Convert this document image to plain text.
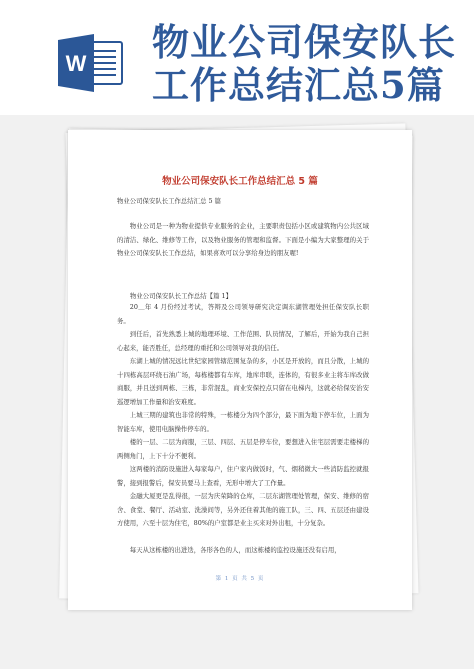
W 物业公司保安队长
工作总结汇总5篇
物业公司保安队长工作总结汇总 5 篇
物业公司保安队长工作总结汇总 5 篇

物业公司是一种为物业提供专业服务的企业，主要职责包括小区或建筑物内公共区域的清洁、绿化、维修等工作，以及物业服务的管理和监督。下面是小编为大家整理的关于物业公司保安队长工作总结，如果喜欢可以分享给身边的朋友喔!

物业公司保安队长工作总结【篇 1】

20＿年 4 月份经过考试，答辩及公司领导研究决定调东湖管理处担任保安队长职务。

到任后，首先熟悉上城的地理环境、工作范围、队员情况，了解后，开始为我自己担心起来，能否胜任，总经理的重托和公司领导对我的信任。

东湖上城的情况远比世纪家园管辖范围复杂的多，小区是开放的，而且分散，上城的十四栋高层环绕石油广场，每栋楼都有车库，地库串联，连体的，有很多业主将车库改做商服，并且送到两栋、三栋，非常混乱，商业安保控点只留在电梯内，这就必给保安治安巡逻增加工作量和治安难度。

上城三期的建筑也非常的特殊，一栋楼分为四个部分，最下面为地下停车位，上面为智能车库，使用电脑操作停车的。

楼的一层、二层为商服，三层、四层、五层是停车位，要想进入住宅层需要走楼梯的两侧角门，上下十分不便利。

这两楼的消防设施进入每家每户，住户家内做饭时，气、烟稍微大一些消防监控就报警，接到报警后，保安员要马上查看，无形中增大了工作量。

金融大厦更是乱得很，一层为庆荣降的仓库，二层东湖管理处管理，保安、维修的宿舍、食堂、餐厅、活动室、洗澡间等，另外还住着其他的施工队，三、四、五层还由建设方使用，六至十层为住宅，80%的户室都是业主买来对外出租，十分复杂。

每天从这栋楼的出进迭，各形各色的人，而这栋楼的监控设施还没有启用，

第 1 页 共 5 页
